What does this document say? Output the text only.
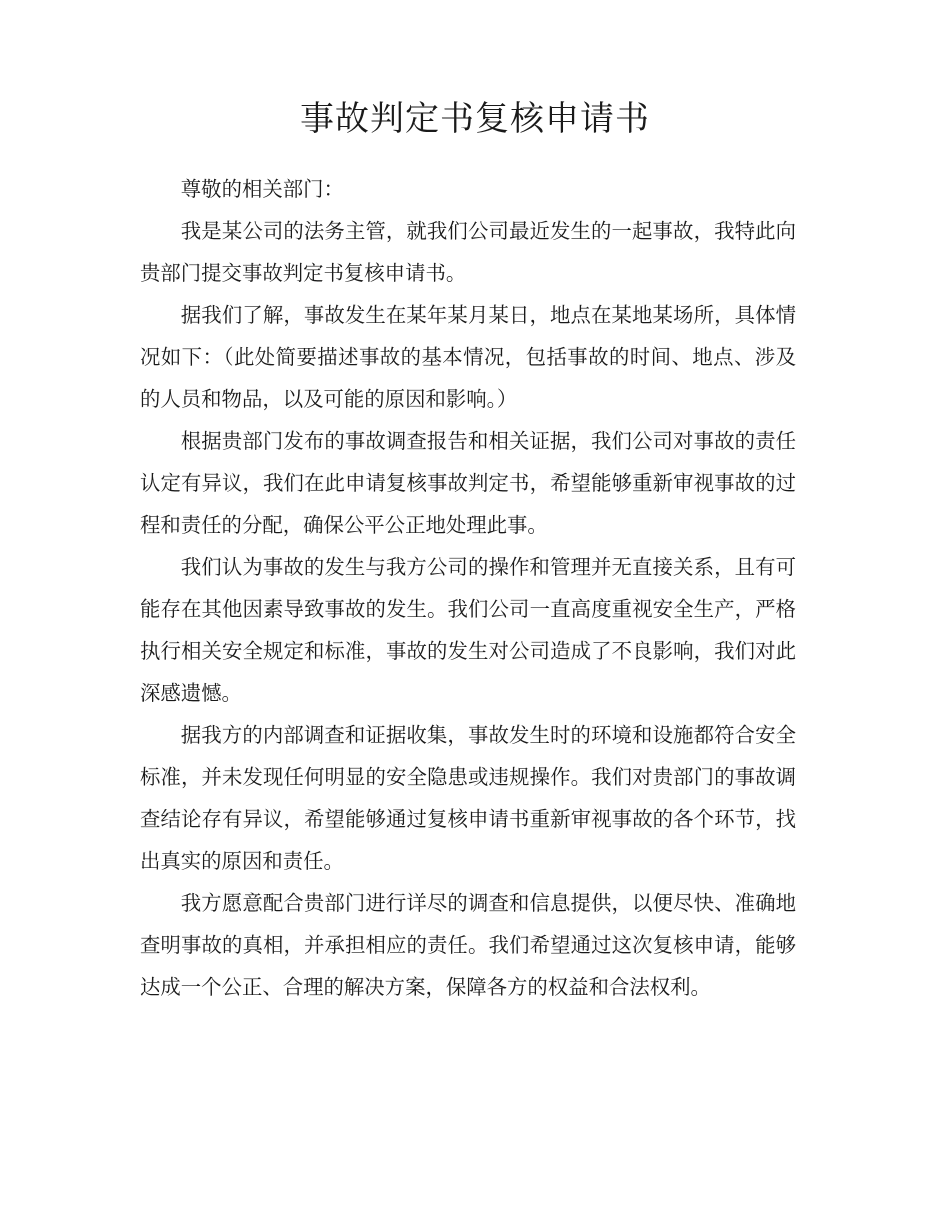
事故判定书复核申请书

尊敬的相关部门：

我是某公司的法务主管，就我们公司最近发生的一起事故，我特此向贵部门提交事故判定书复核申请书。

据我们了解，事故发生在某年某月某日，地点在某地某场所，具体情况如下：（此处简要描述事故的基本情况，包括事故的时间、地点、涉及的人员和物品，以及可能的原因和影响。）

根据贵部门发布的事故调查报告和相关证据，我们公司对事故的责任认定有异议，我们在此申请复核事故判定书，希望能够重新审视事故的过程和责任的分配，确保公平公正地处理此事。

我们认为事故的发生与我方公司的操作和管理并无直接关系，且有可能存在其他因素导致事故的发生。我们公司一直高度重视安全生产，严格执行相关安全规定和标准，事故的发生对公司造成了不良影响，我们对此深感遗憾。

据我方的内部调查和证据收集，事故发生时的环境和设施都符合安全标准，并未发现任何明显的安全隐患或违规操作。我们对贵部门的事故调查结论存有异议，希望能够通过复核申请书重新审视事故的各个环节，找出真实的原因和责任。

我方愿意配合贵部门进行详尽的调查和信息提供，以便尽快、准确地查明事故的真相，并承担相应的责任。我们希望通过这次复核申请，能够达成一个公正、合理的解决方案，保障各方的权益和合法权利。
